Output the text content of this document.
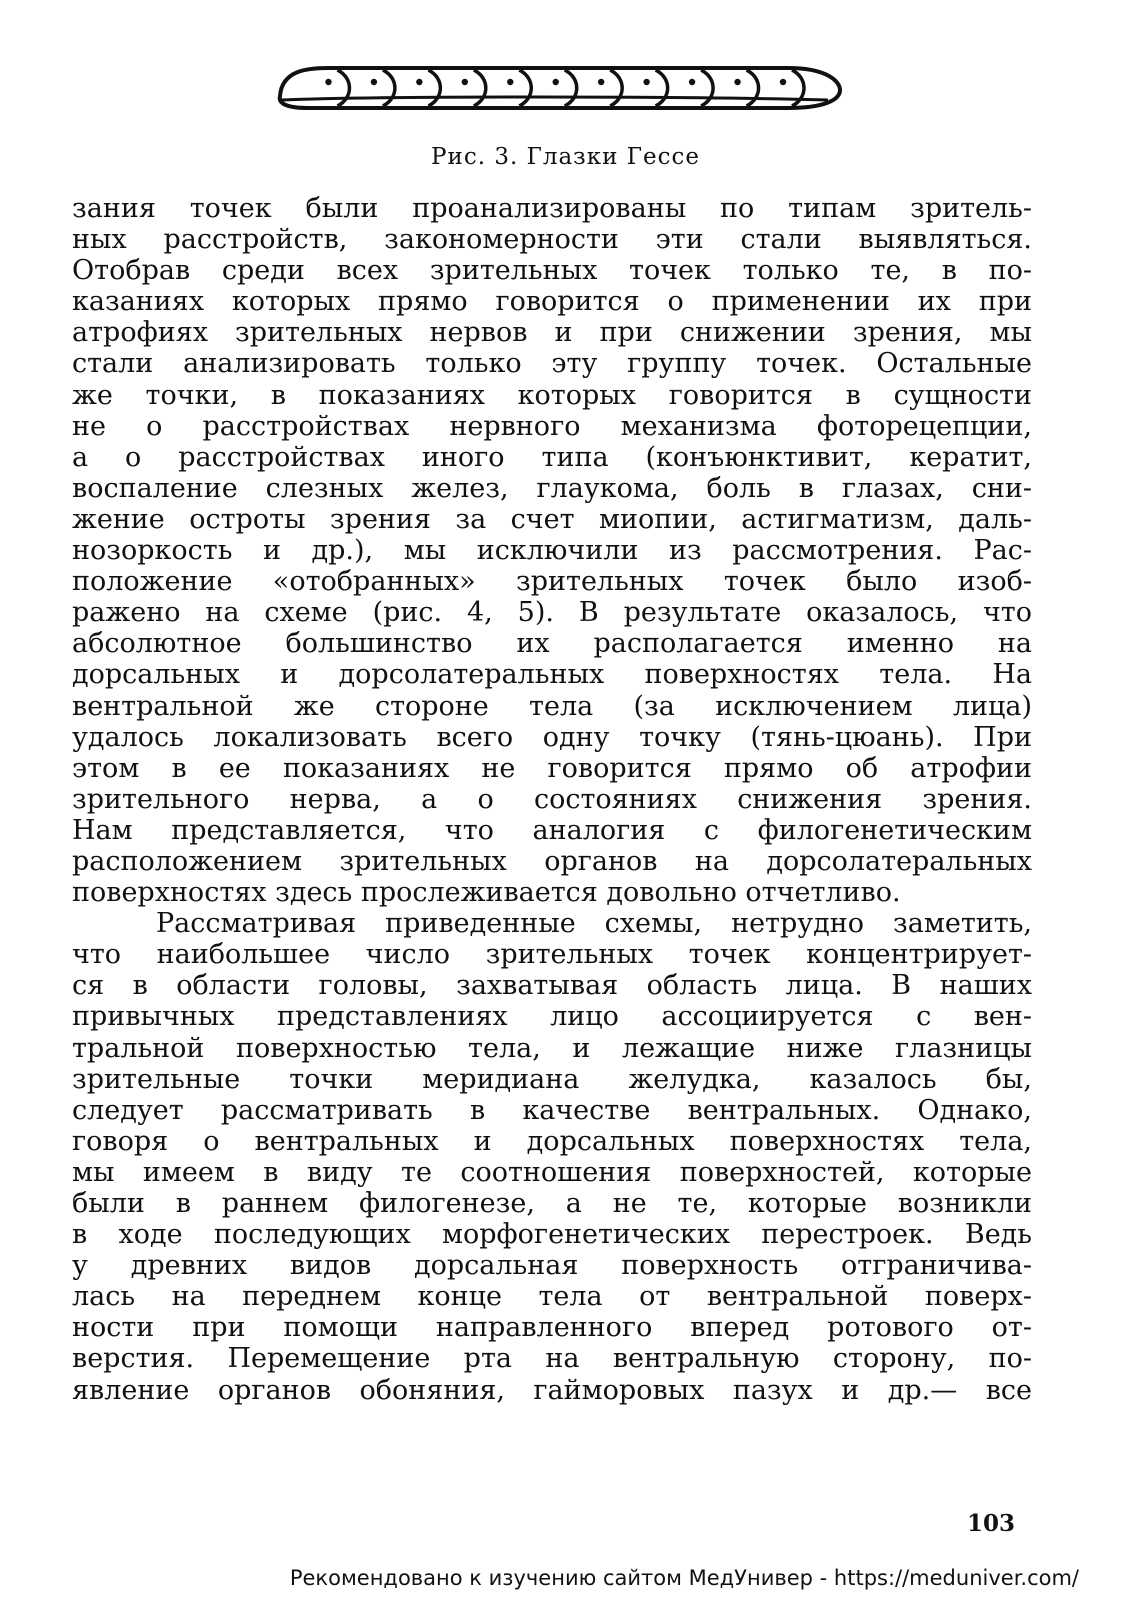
Рис. 3. Глазки Гессе
зания точек были проанализированы по типам зритель-
ных расстройств, закономерности эти стали выявляться.
Отобрав среди всех зрительных точек только те, в по-
казаниях которых прямо говорится о применении их при
атрофиях зрительных нервов и при снижении зрения, мы
стали анализировать только эту группу точек. Остальные
же точки, в показаниях которых говорится в сущности
не о расстройствах нервного механизма фоторецепции,
а о расстройствах иного типа (конъюнктивит, кератит,
воспаление слезных желез, глаукома, боль в глазах, сни-
жение остроты зрения за счет миопии, астигматизм, даль-
нозоркость и др.), мы исключили из рассмотрения. Рас-
положение «отобранных» зрительных точек было изоб-
ражено на схеме (рис. 4, 5). В результате оказалось, что
абсолютное большинство их располагается именно на
дорсальных и дорсолатеральных поверхностях тела. На
вентральной же стороне тела (за исключением лица)
удалось локализовать всего одну точку (тянь-цюань). При
этом в ее показаниях не говорится прямо об атрофии
зрительного нерва, а о состояниях снижения зрения.
Нам представляется, что аналогия с филогенетическим
расположением зрительных органов на дорсолатеральных
поверхностях здесь прослеживается довольно отчетливо.
Рассматривая приведенные схемы, нетрудно заметить,
что наибольшее число зрительных точек концентрирует-
ся в области головы, захватывая область лица. В наших
привычных представлениях лицо ассоциируется с вен-
тральной поверхностью тела, и лежащие ниже глазницы
зрительные точки меридиана желудка, казалось бы,
следует рассматривать в качестве вентральных. Однако,
говоря о вентральных и дорсальных поверхностях тела,
мы имеем в виду те соотношения поверхностей, которые
были в раннем филогенезе, а не те, которые возникли
в ходе последующих морфогенетических перестроек. Ведь
у древних видов дорсальная поверхность отграничива-
лась на переднем конце тела от вентральной поверх-
ности при помощи направленного вперед ротового от-
верстия. Перемещение рта на вентральную сторону, по-
явление органов обоняния, гайморовых пазух и др.— все
103
Рекомендовано к изучению сайтом МедУнивер - https://meduniver.com/
